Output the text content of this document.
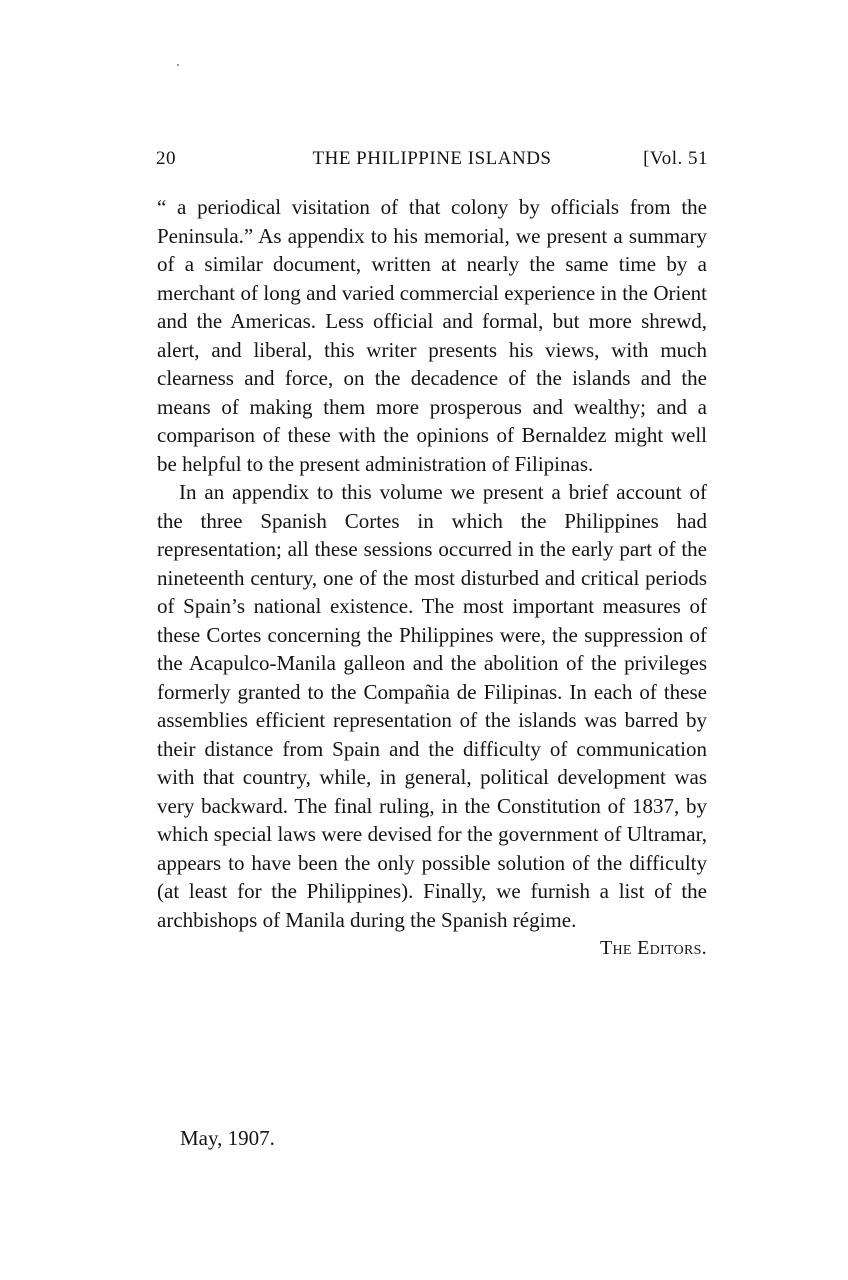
20	THE PHILIPPINE ISLANDS	[Vol. 51

“ a periodical visitation of that colony by officials from the Peninsula.” As appendix to his memorial, we present a summary of a similar document, written at nearly the same time by a merchant of long and varied commercial experience in the Orient and the Americas. Less official and formal, but more shrewd, alert, and liberal, this writer presents his views, with much clearness and force, on the decadence of the islands and the means of making them more prosperous and wealthy; and a comparison of these with the opinions of Bernaldez might well be helpful to the present administration of Filipinas.

In an appendix to this volume we present a brief account of the three Spanish Cortes in which the Philippines had representation; all these sessions occurred in the early part of the nineteenth century, one of the most disturbed and critical periods of Spain’s national existence. The most important measures of these Cortes concerning the Philippines were, the suppression of the Acapulco-Manila galleon and the abolition of the privileges formerly granted to the Compañia de Filipinas. In each of these assemblies efficient representation of the islands was barred by their distance from Spain and the difficulty of communication with that country, while, in general, political development was very backward. The final ruling, in the Constitution of 1837, by which special laws were devised for the government of Ultramar, appears to have been the only possible solution of the difficulty (at least for the Philippines). Finally, we furnish a list of the archbishops of Manila during the Spanish régime.

The Editors.

May, 1907.
